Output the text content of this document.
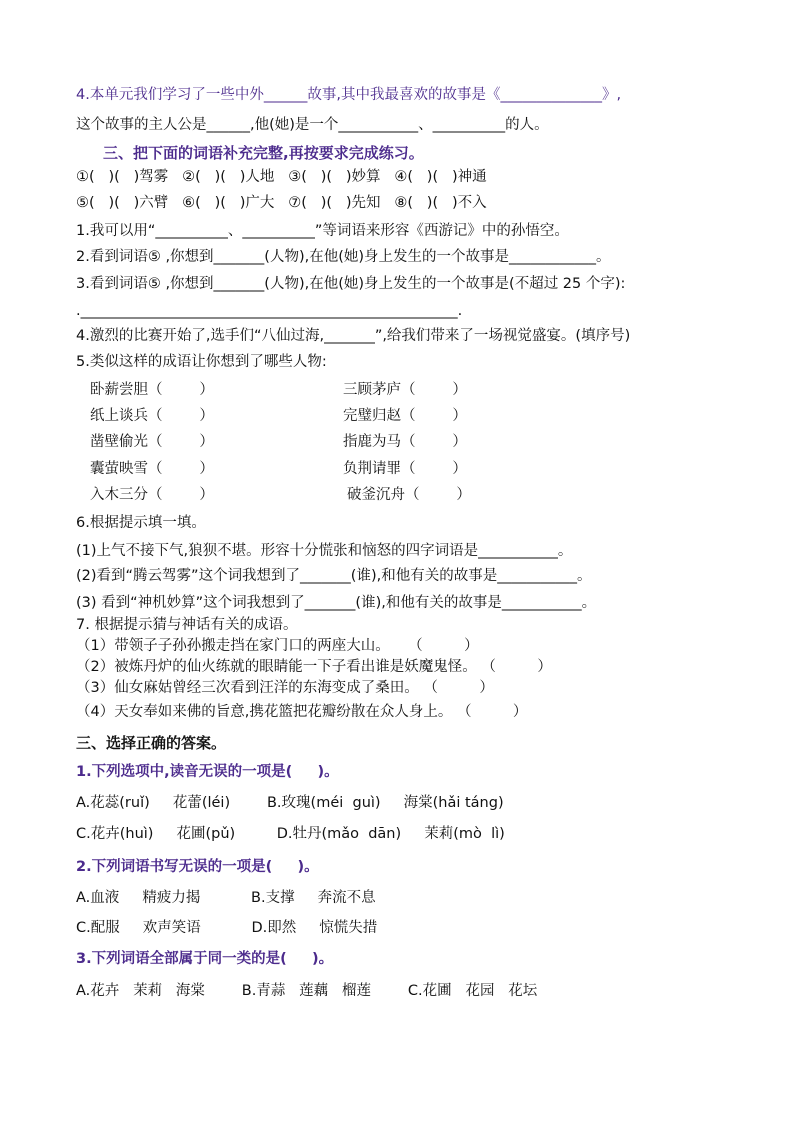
4.本单元我们学习了一些中外______故事,其中我最喜欢的故事是《______________》,
这个故事的主人公是______,他(她)是一个___________、__________的人。
三、把下面的词语补充完整,再按要求完成练习。
①(   )(   )驾雾   ②(   )(   )人地   ③(   )(   )妙算   ④(   )(   )神通
⑤(   )(   )六臂   ⑥(   )(   )广大   ⑦(   )(   )先知   ⑧(   )(   )不入
1.我可以用“__________、__________”等词语来形容《西游记》中的孙悟空。
2.看到词语⑤ ,你想到_______(人物),在他(她)身上发生的一个故事是____________。
3.看到词语⑤ ,你想到_______(人物),在他(她)身上发生的一个故事是(不超过 25 个字):
.____________________________________________________.
4.激烈的比赛开始了,选手们“八仙过海,_______”,给我们带来了一场视觉盛宴。(填序号)
5.类似这样的成语让你想到了哪些人物:
卧薪尝胆（        ）
纸上谈兵（        ）
凿壁偷光（        ）
囊萤映雪（        ）
入木三分（        ）
三顾茅庐（        ）
完璧归赵（        ）
指鹿为马（        ）
负荆请罪（        ）
破釜沉舟（        ）
6.根据提示填一填。
(1)上气不接下气,狼狈不堪。形容十分慌张和恼怒的四字词语是___________。
(2)看到“腾云驾雾”这个词我想到了_______(谁),和他有关的故事是___________。
(3) 看到“神机妙算”这个词我想到了_______(谁),和他有关的故事是___________。
7. 根据提示猜与神话有关的成语。
（1）带领子子孙孙搬走挡在家门口的两座大山。    （         ）
（2）被炼丹炉的仙火练就的眼睛能一下子看出谁是妖魔鬼怪。 （         ）
（3）仙女麻姑曾经三次看到汪洋的东海变成了桑田。 （         ）
（4）天女奉如来佛的旨意,携花篮把花瓣纷散在众人身上。 （         ）
三、选择正确的答案。
1.下列选项中,读音无误的一项是(     )。
A.花蕊(ruǐ)     花蕾(léi)        B.玫瑰(méi  guì)     海棠(hǎi táng)
C.花卉(huì)     花圃(pǔ)         D.牡丹(mǎo  dān)     茉莉(mò  lì)
2.下列词语书写无误的一项是(     )。
A.血液     精疲力揭           B.支撑     奔流不息
C.配服     欢声笑语           D.即然     惊慌失措
3.下列词语全部属于同一类的是(     )。
A.花卉   茉莉   海棠        B.青蒜   莲藕   榴莲        C.花圃   花园   花坛
